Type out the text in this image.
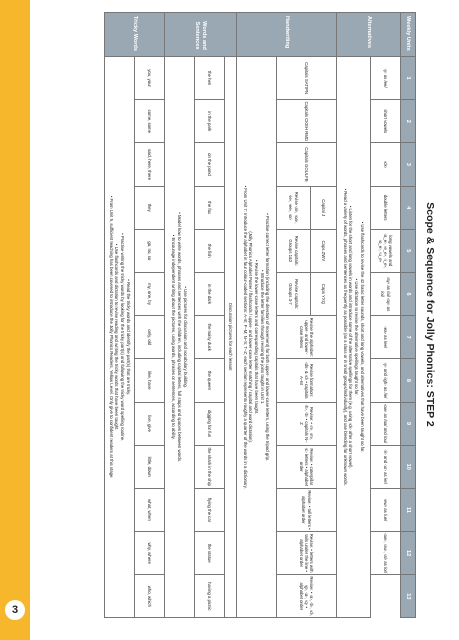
3
Scope & Sequence for Jolly Phonics: STEP 2
Weekly Units	1	2	3	4	5	6	7	8	9	10	11	12	13
Alternatives	‹y› as /ee/	short vowels	‹ck›	double letters	long vowels and ‹a_e›, ‹e_e›, ‹i_e›, ‹o_e›, ‹u_e›	‹ay› as /ai/ ‹oy› as /oi/	‹ea› as /ee/	‹y› and ‹igh› as /ie/	‹ow› as /oa/ and /ou/	‹ir› and ‹ur› as /er/	‹ew› as /ue/	‹aw›, ‹au›, ‹al› as /or/

	• Use flashcards to revise the 42 basic letter sounds, short and long vowels, and alternatives that have been taught so far.
• Use dictation to revise the alternative spellings taught so far.
• Listen for the short and long vowels in words and introduce some of the alternative spellings for them (e.g. using ‹ck› after a short vowel).
• Read a variety of words, phrases and sentences as frequently as possible (as a class or in small groups/individually), and use blending for unknown words.												

Handwriting	Capitals SATIPN	Capitals CKEH RMD	Capitals GOULFB	Capital J	Caps ZWV	Caps YXQ	Revise the alphabet: upper- and lower-case letters	Revise formation: ‹ds› & ‹d› • capitals A–M	Revise: • ‹n›, ‹m›, ‹h›, ‹b› • capitals N–Z	Revise: • caterpillar ‹c› letters • alphabet order	Revise: • tall letters • alphabet order	Revise: • letters with tails under the line • alphabet order	Revise: • ‹a›, ‹b›, ‹d›, ‹g›, ‹o›, ‹q› • alphabet order
				Revise ‹ai›, ‹oa›, ‹ie›, ‹ee›, ‹or›	Revise capitals: Groups 1&2	Revise capitals: Groups 3-7							

	• Practise correct letter formation (including the direction of movement) for both upper- and lower-case letters, using the tripod grip.
• Introduce the letter families through revising the joins taught in Unit 1.
• Revise the lower-case letters and corresponding capitals that have been taught.
(Jolly Phonics Alphabet Poster / flashcards / upper- and lower-case letter matching / capital and word dictation).
• From Unit 7: Introduce the alphabet in four colour-coded sections: A–E; F–M; N–S; T–Z; each section represents roughly a quarter of the words in a dictionary.												

Words and Sentences	Discussion pictures for each lesson:												
	the hen	in the park	on the pond	the fox	the fish	in the dark	the noisy duck	the queen	digging for fun	the shark in the ship	flying the car	the statue	having a picnic

	• Use pictures for discussion and vocabulary building.
• Model how to write words, phrases and sentences with the children, including capital letters, full stops and spaces between words.
• Encourage independent writing about the pictures, using words, phrases or sentences, according to ability.												

Tricky Words	you, your	come, some	said, here, there	they	go, no, so	my, one, by	only, old	like, have	live, give	little, down	what, when	why, where	who, which

	• Read the tricky words and identify the part(s) that are tricky.
• Practise writing the tricky words by looking for the tricky part(s) and following the tricky word spelling routine.
• Use flashcards and dictation to revise reading and writing the tricky words that have been taught.
• From Unit 5, sufficient teaching has been covered to introduce the Jolly Phonics Readers, Yellow Level. Only give to confident readers at this stage.												
